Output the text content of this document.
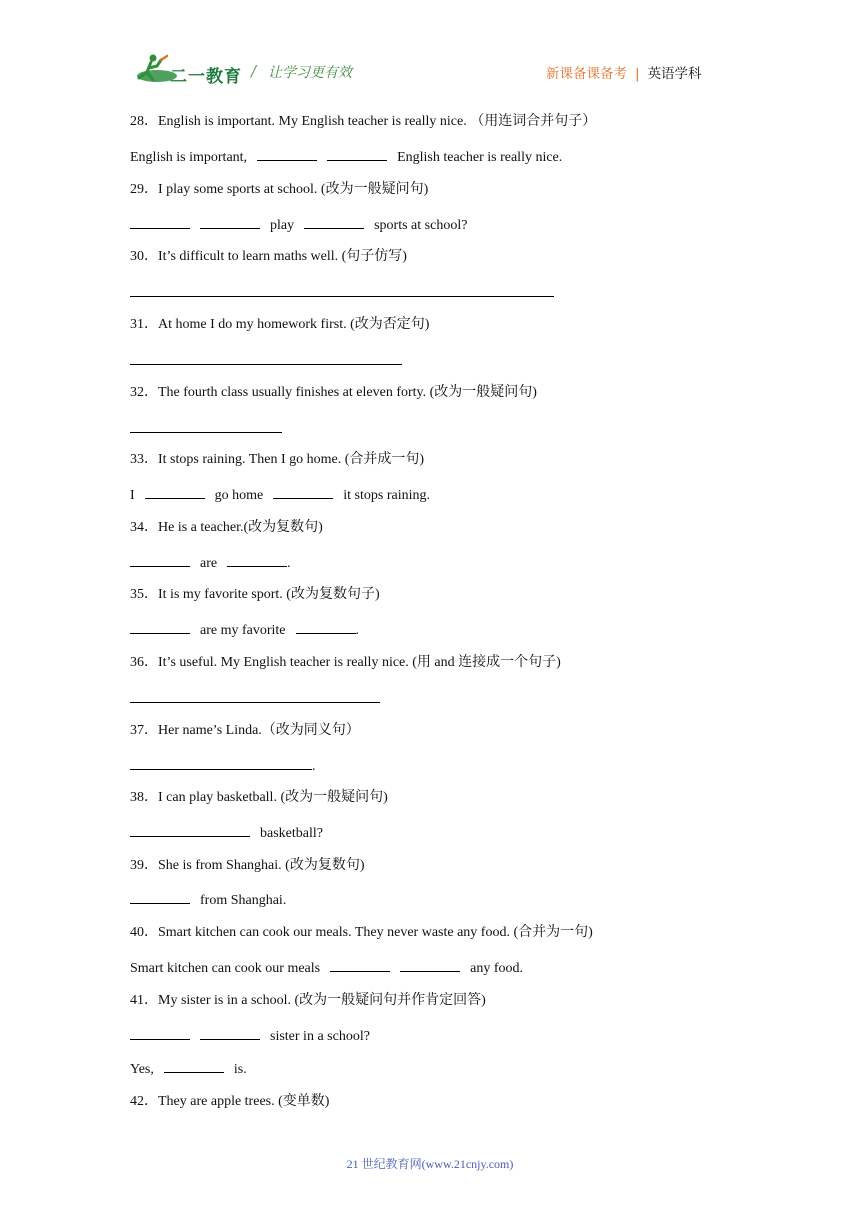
二一教育 / 让学习更有效	新课备课备考 | 英语学科
28．English is important. My English teacher is really nice. （用连词合并句子）
English is important,	English teacher is really nice.
29．I play some sports at school. (改为一般疑问句)
play	sports at school?
30．It’s difficult to learn maths well. (句子仿写)
31．At home I do my homework first. (改为否定句)
32．The fourth class usually finishes at eleven forty. (改为一般疑问句)
33．It stops raining. Then I go home. (合并成一句)
I	go home	it stops raining.
34．He is a teacher.(改为复数句)
are	.
35．It is my favorite sport. (改为复数句子)
are my favorite	.
36．It’s useful. My English teacher is really nice. (用 and 连接成一个句子)
37．Her name’s Linda.（改为同义句）
.
38．I can play basketball. (改为一般疑问句)
basketball?
39．She is from Shanghai. (改为复数句)
from Shanghai.
40．Smart kitchen can cook our meals. They never waste any food. (合并为一句)
Smart kitchen can cook our meals	any food.
41．My sister is in a school. (改为一般疑问句并作肯定回答)
sister in a school?
Yes,	is.
42．They are apple trees. (变单数)
21 世纪教育网(www.21cnjy.com)
